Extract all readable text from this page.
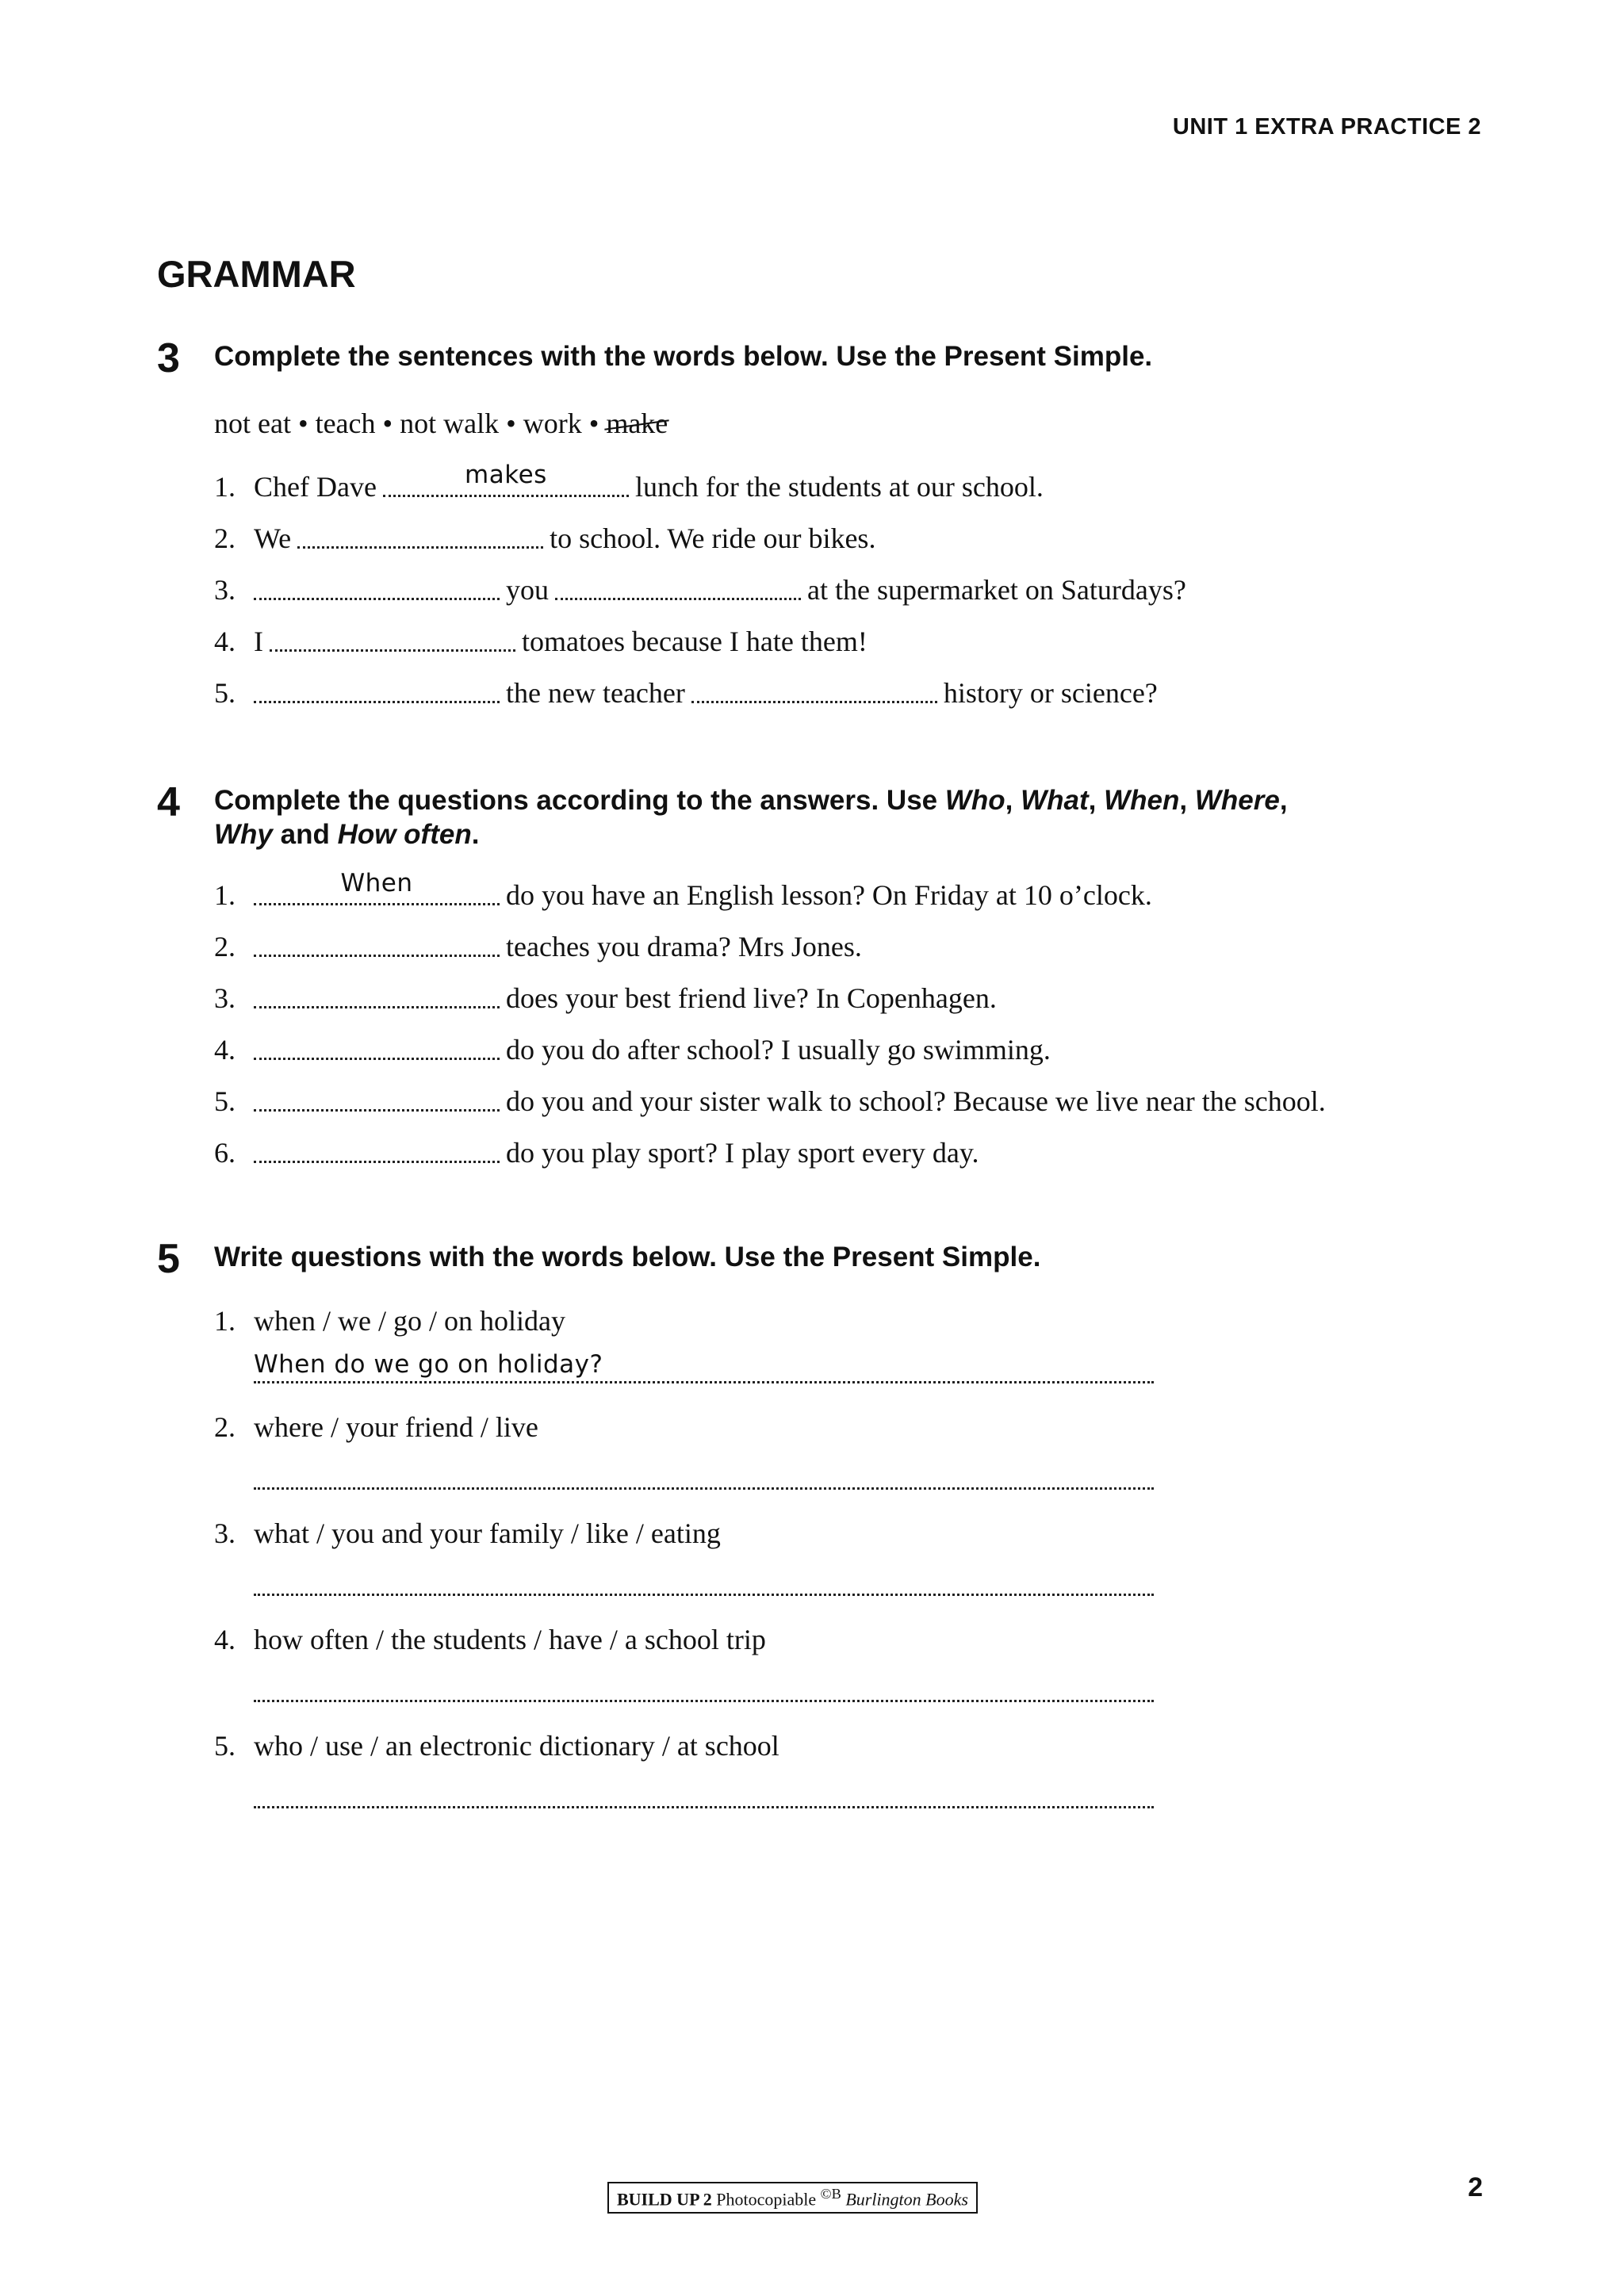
UNIT 1 EXTRA PRACTICE 2
GRAMMAR
3 Complete the sentences with the words below. Use the Present Simple.
not eat • teach • not walk • work • make
1. Chef Dave	makes	lunch for the students at our school.
2. We	to school. We ride our bikes.
3.	you	at the supermarket on Saturdays?
4. I	tomatoes because I hate them!
5.	the new teacher	history or science?
4 Complete the questions according to the answers. Use Who, What, When, Where,
Why and How often.
1.	When	do you have an English lesson? On Friday at 10 o’clock.
2.	teaches you drama? Mrs Jones.
3.	does your best friend live? In Copenhagen.
4.	do you do after school? I usually go swimming.
5.	do you and your sister walk to school? Because we live near the school.
6.	do you play sport? I play sport every day.
5 Write questions with the words below. Use the Present Simple.
1. when / we / go / on holiday
When do we go on holiday?
2. where / your friend / live
3. what / you and your family / like / eating
4. how often / the students / have / a school trip
5. who / use / an electronic dictionary / at school
BUILD UP 2 Photocopiable $^{©B}$ Burlington Books	2
